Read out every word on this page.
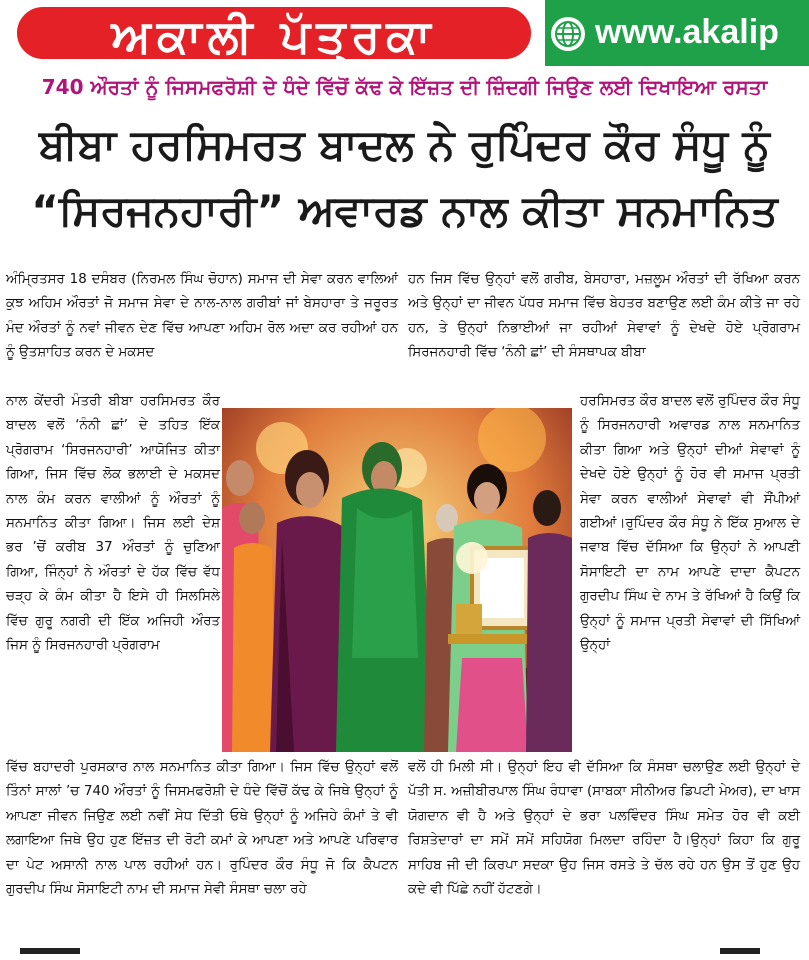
ਅਕਾਲੀ ਪੱਤ੍ਰਕਾ	www.akalip
740 ਔਰਤਾਂ ਨੂੰ ਜਿਸਮਫਰੋਸ਼ੀ ਦੇ ਧੰਦੇ ਵਿੱਚੋਂ ਕੱਢ ਕੇ ਇੱਜ਼ਤ ਦੀ ਜ਼ਿੰਦਗੀ ਜਿਉਣ ਲਈ ਦਿਖਾਇਆ ਰਸਤਾ
ਬੀਬਾ ਹਰਸਿਮਰਤ ਬਾਦਲ ਨੇ ਰੁਪਿੰਦਰ ਕੌਰ ਸੰਧੂ ਨੂੰ
“ਸਿਰਜਨਹਾਰੀ” ਅਵਾਰਡ ਨਾਲ ਕੀਤਾ ਸਨਮਾਨਿਤ

ਅੰਮ੍ਰਿਤਸਰ 18 ਦਸੰਬਰ (ਨਿਰਮਲ ਸਿੰਘ ਚੋਹਾਨ) ਸਮਾਜ ਦੀ ਸੇਵਾ ਕਰਨ ਵਾਲਿਆਂ ਕੁਝ ਅਹਿਮ ਔਰਤਾਂ ਜੋ ਸਮਾਜ ਸੇਵਾ ਦੇ ਨਾਲ-ਨਾਲ ਗਰੀਬਾਂ ਜਾਂ ਬੇਸਹਾਰਾ ਤੇ ਜਰੂਰਤ ਮੰਦ ਔਰਤਾਂ ਨੂੰ ਨਵਾਂ ਜੀਵਨ ਦੇਣ ਵਿੱਚ ਆਪਣਾ ਅਹਿਮ ਰੋਲ ਅਦਾ ਕਰ ਰਹੀਆਂ ਹਨ ਨੂੰ ਉਤਸ਼ਾਹਿਤ ਕਰਨ ਦੇ ਮਕਸਦ

ਨਾਲ ਕੇਂਦਰੀ ਮੰਤਰੀ ਬੀਬਾ ਹਰਸਿਮਰਤ ਕੌਰ ਬਾਦਲ ਵਲੋਂ ‘ਨੰਨੀ ਛਾਂ’ ਦੇ ਤਹਿਤ ਇੱਕ ਪ੍ਰੋਗਰਾਮ ‘ਸਿਰਜਨਹਾਰੀ’ ਆਯੋਜਿਤ ਕੀਤਾ ਗਿਆ, ਜਿਸ ਵਿੱਚ ਲੋਕ ਭਲਾਈ ਦੇ ਮਕਸਦ ਨਾਲ ਕੰਮ ਕਰਨ ਵਾਲੀਆਂ ਨੂੰ ਔਰਤਾਂ ਨੂੰ ਸਨਮਾਨਿਤ ਕੀਤਾ ਗਿਆ। ਜਿਸ ਲਈ ਦੇਸ਼ ਭਰ ’ਚੋਂ ਕਰੀਬ 37 ਔਰਤਾਂ ਨੂੰ ਚੁਣਿਆ ਗਿਆ, ਜਿੰਨ੍ਹਾਂ ਨੇ ਔਰਤਾਂ ਦੇ ਹੱਕ ਵਿੱਚ ਵੱਧ ਚੜ੍ਹ ਕੇ ਕੰਮ ਕੀਤਾ ਹੈ ਇਸੇ ਹੀ ਸਿਲਸਿਲੇ ਵਿੱਚ ਗੁਰੂ ਨਗਰੀ ਦੀ ਇੱਕ ਅਜਿਹੀ ਔਰਤ ਜਿਸ ਨੂੰ ਸਿਰਜਨਹਾਰੀ ਪ੍ਰੋਗਰਾਮ

ਵਿੱਚ ਬਹਾਦਰੀ ਪੁਰਸਕਾਰ ਨਾਲ ਸਨਮਾਨਿਤ ਕੀਤਾ ਗਿਆ। ਜਿਸ ਵਿੱਚ ਉਨ੍ਹਾਂ ਵਲੋਂ ਤਿੰਨਾਂ ਸਾਲਾਂ ’ਚ 740 ਔਰਤਾਂ ਨੂੰ ਜਿਸਮਫਰੋਸ਼ੀ ਦੇ ਧੰਦੇ ਵਿੱਚੋਂ ਕੱਢ ਕੇ ਜਿਥੇ ਉਨ੍ਹਾਂ ਨੂੰ ਆਪਣਾ ਜੀਵਨ ਜਿਉਣ ਲਈ ਨਵੀਂ ਸੇਧ ਦਿੱਤੀ ਓਥੇ ਉਨ੍ਹਾਂ ਨੂੰ ਅਜਿਹੇ ਕੰਮਾਂ ਤੇ ਵੀ ਲਗਾਇਆ ਜਿਥੇ ਉਹ ਹੁਣ ਇੱਜ਼ਤ ਦੀ ਰੋਟੀ ਕਮਾਂ ਕੇ ਆਪਣਾ ਅਤੇ ਆਪਣੇ ਪਰਿਵਾਰ ਦਾ ਪੇਟ ਅਸਾਨੀ ਨਾਲ ਪਾਲ ਰਹੀਆਂ ਹਨ। ਰੁਪਿੰਦਰ ਕੌਰ ਸੰਧੂ ਜੋ ਕਿ ਕੈਪਟਨ ਗੁਰਦੀਪ ਸਿੰਘ ਸੋਸਾਇਟੀ ਨਾਮ ਦੀ ਸਮਾਜ ਸੇਵੀ ਸੰਸਥਾ ਚਲਾ ਰਹੇ

ਹਨ ਜਿਸ ਵਿੱਚ ਉਨ੍ਹਾਂ ਵਲੋਂ ਗਰੀਬ, ਬੇਸਹਾਰਾ, ਮਜ਼ਲੂਮ ਔਰਤਾਂ ਦੀ ਰੱਖਿਆ ਕਰਨ ਅਤੇ ਉਨ੍ਹਾਂ ਦਾ ਜੀਵਨ ਪੱਧਰ ਸਮਾਜ ਵਿੱਚ ਬੇਹਤਰ ਬਣਾਉਣ ਲਈ ਕੰਮ ਕੀਤੇ ਜਾ ਰਹੇ ਹਨ, ਤੇ ਉਨ੍ਹਾਂ ਨਿਭਾਈਆਂ ਜਾ ਰਹੀਆਂ ਸੇਵਾਵਾਂ ਨੂੰ ਦੇਖਦੇ ਹੋਏ ਪ੍ਰੋਗਰਾਮ ਸਿਰਜਨਹਾਰੀ ਵਿੱਚ ‘ਨੰਨੀ ਛਾਂ’ ਦੀ ਸੰਸਥਾਪਕ ਬੀਬਾ

ਹਰਸਿਮਰਤ ਕੌਰ ਬਾਦਲ ਵਲੋਂ ਰੁਪਿੰਦਰ ਕੌਰ ਸੰਧੂ ਨੂੰ ਸਿਰਜਨਹਾਰੀ ਅਵਾਰਡ ਨਾਲ ਸਨਮਾਨਿਤ ਕੀਤਾ ਗਿਆ ਅਤੇ ਉਨ੍ਹਾਂ ਦੀਆਂ ਸੇਵਾਵਾਂ ਨੂੰ ਦੇਖਦੇ ਹੋਏ ਉਨ੍ਹਾਂ ਨੂੰ ਹੋਰ ਵੀ ਸਮਾਜ ਪ੍ਰਤੀ ਸੇਵਾ ਕਰਨ ਵਾਲੀਆਂ ਸੇਵਾਵਾਂ ਵੀ ਸੌਂਪੀਆਂ ਗਈਆਂ।ਰੁਪਿੰਦਰ ਕੌਰ ਸੰਧੂ ਨੇ ਇੱਕ ਸੁਆਲ ਦੇ ਜਵਾਬ ਵਿੱਚ ਦੱਸਿਆ ਕਿ ਉਨ੍ਹਾਂ ਨੇ ਆਪਣੀ ਸੋਸਾਇਟੀ ਦਾ ਨਾਮ ਆਪਣੇ ਦਾਦਾ ਕੈਪਟਨ ਗੁਰਦੀਪ ਸਿੰਘ ਦੇ ਨਾਮ ਤੇ ਰੱਖਿਆਂ ਹੈ ਕਿਉਂ ਕਿ ਉਨ੍ਹਾਂ ਨੂੰ ਸਮਾਜ ਪ੍ਰਤੀ ਸੇਵਾਵਾਂ ਦੀ ਸਿੱਖਿਆਂ ਉਨ੍ਹਾਂ

ਵਲੋਂ ਹੀ ਮਿਲੀ ਸੀ। ਉਨ੍ਹਾਂ ਇਹ ਵੀ ਦੱਸਿਆ ਕਿ ਸੰਸਥਾ ਚਲਾਉਣ ਲਈ ਉਨ੍ਹਾਂ ਦੇ ਪੱਤੀ ਸ. ਅਜ਼ੀਬੀਰਪਾਲ ਸਿੰਘ ਰੰਧਾਵਾ (ਸਾਬਕਾ ਸੀਨੀਅਰ ਡਿਪਟੀ ਮੇਅਰ), ਦਾ ਖਾਸ ਯੋਗਦਾਨ ਵੀ ਹੈ ਅਤੇ ਉਨ੍ਹਾਂ ਦੇ ਭਰਾ ਪਲਵਿੰਦਰ ਸਿੰਘ ਸਮੇਤ ਹੋਰ ਵੀ ਕਈ ਰਿਸ਼ਤੇਦਾਰਾਂ ਦਾ ਸਮੇਂ ਸਮੇਂ ਸਹਿਯੋਗ ਮਿਲਦਾ ਰਹਿੰਦਾ ਹੈ।ਉਨ੍ਹਾਂ ਕਿਹਾ ਕਿ ਗੁਰੂ ਸਾਹਿਬ ਜੀ ਦੀ ਕਿਰਪਾ ਸਦਕਾ ਉਹ ਜਿਸ ਰਸਤੇ ਤੇ ਚੱਲ ਰਹੇ ਹਨ ਉਸ ਤੋਂ ਹੁਣ ਉਹ ਕਦੇ ਵੀ ਪਿੱਛੇ ਨਹੀਂ ਹੱਟਣਗੇ।
